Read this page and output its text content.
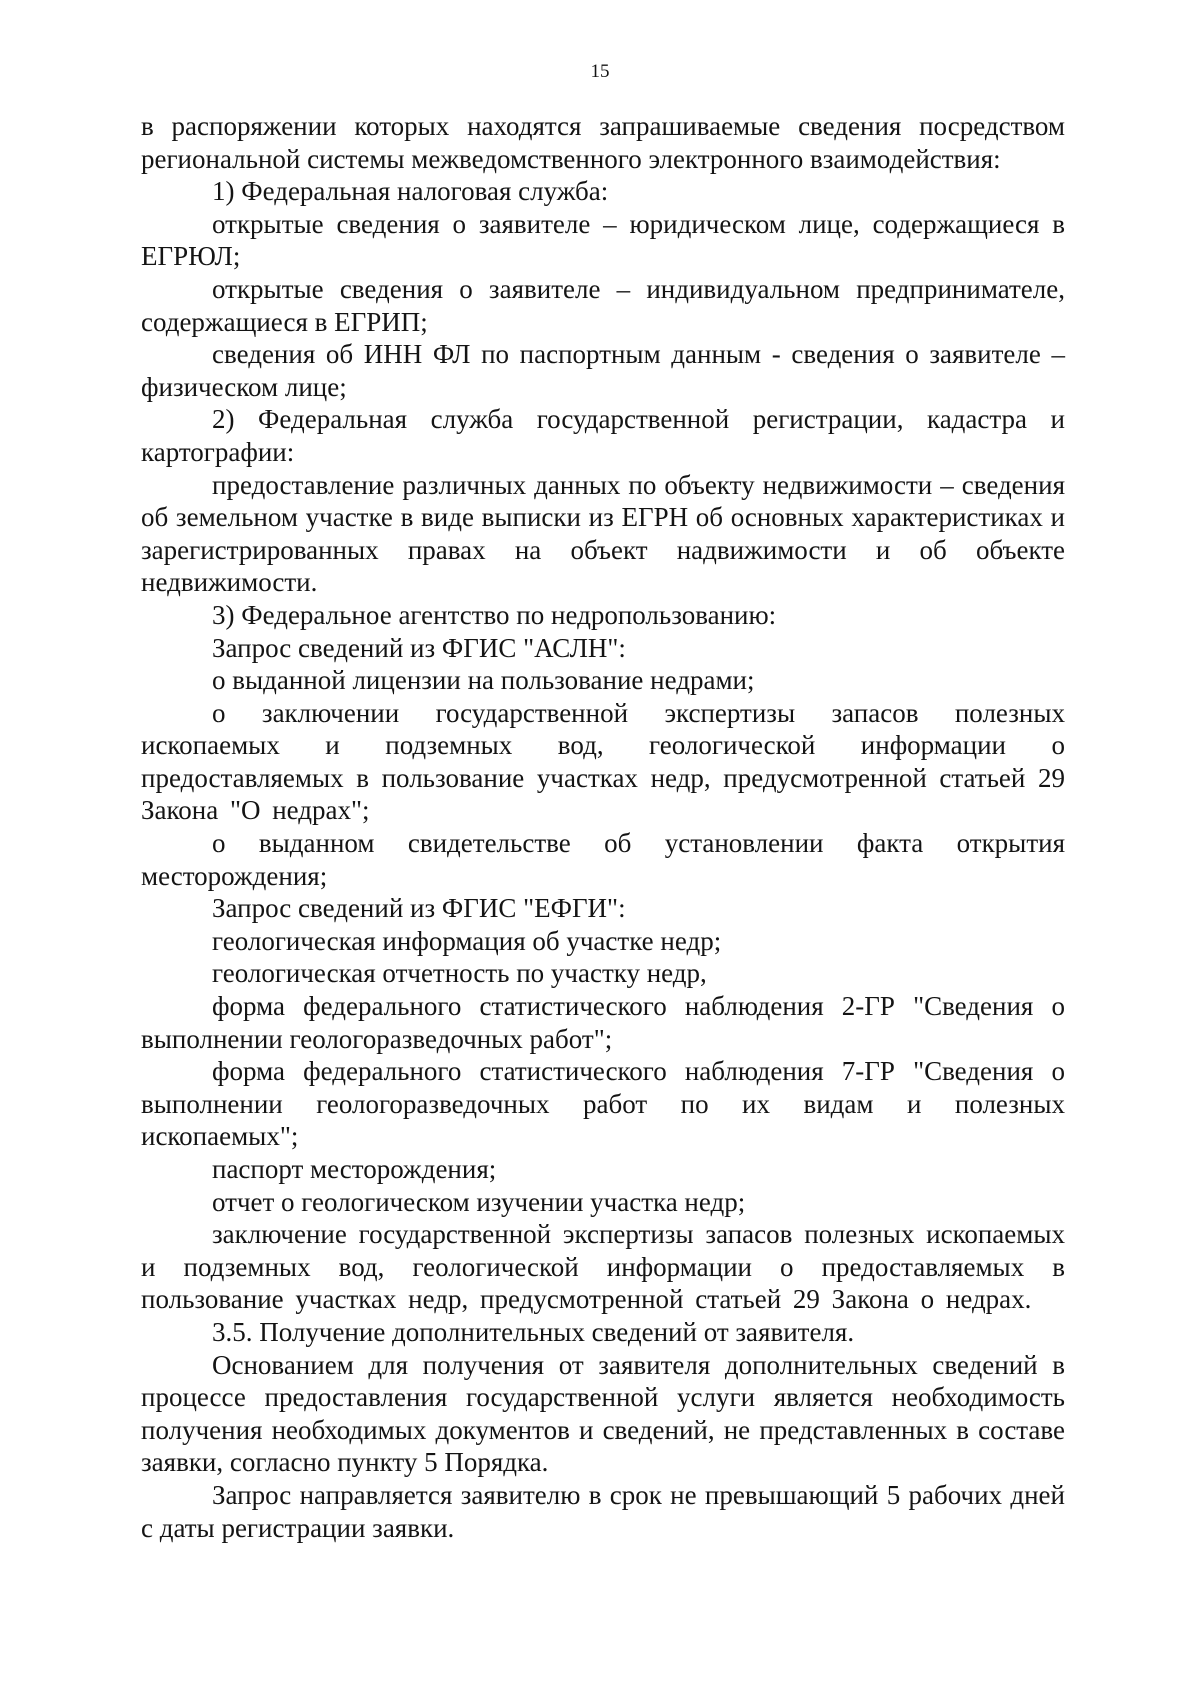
15

в распоряжении которых находятся запрашиваемые сведения посредством региональной системы межведомственного электронного взаимодействия:

1) Федеральная налоговая служба:

открытые сведения о заявителе – юридическом лице, содержащиеся в ЕГРЮЛ;

открытые сведения о заявителе – индивидуальном предпринимателе, содержащиеся в ЕГРИП;

сведения об ИНН ФЛ по паспортным данным - сведения о заявителе – физическом лице;

2) Федеральная служба государственной регистрации, кадастра и картографии:

предоставление различных данных по объекту недвижимости – сведения об земельном участке в виде выписки из ЕГРН об основных характеристиках и зарегистрированных правах на объект надвижимости и об объекте недвижимости.

3) Федеральное агентство по недропользованию:

Запрос сведений из ФГИС "АСЛН":

о выданной лицензии на пользование недрами;

о заключении государственной экспертизы запасов полезных ископаемых и подземных вод, геологической информации о предоставляемых в пользование участках недр, предусмотренной статьей 29 Закона "О недрах";

о выданном свидетельстве об установлении факта открытия месторождения;

Запрос сведений из ФГИС "ЕФГИ":

геологическая информация об участке недр;

геологическая отчетность по участку недр,

форма федерального статистического наблюдения 2-ГР "Сведения о выполнении геологоразведочных работ";

форма федерального статистического наблюдения 7-ГР "Сведения о выполнении геологоразведочных работ по их видам и полезных ископаемых";

паспорт месторождения;

отчет о геологическом изучении участка недр;

заключение государственной экспертизы запасов полезных ископаемых и подземных вод, геологической информации о предоставляемых в пользование участках недр, предусмотренной статьей 29 Закона о недрах.

3.5. Получение дополнительных сведений от заявителя.

Основанием для получения от заявителя дополнительных сведений в процессе предоставления государственной услуги является необходимость получения необходимых документов и сведений, не представленных в составе заявки, согласно пункту 5 Порядка.

Запрос направляется заявителю в срок не превышающий 5 рабочих дней с даты регистрации заявки.
